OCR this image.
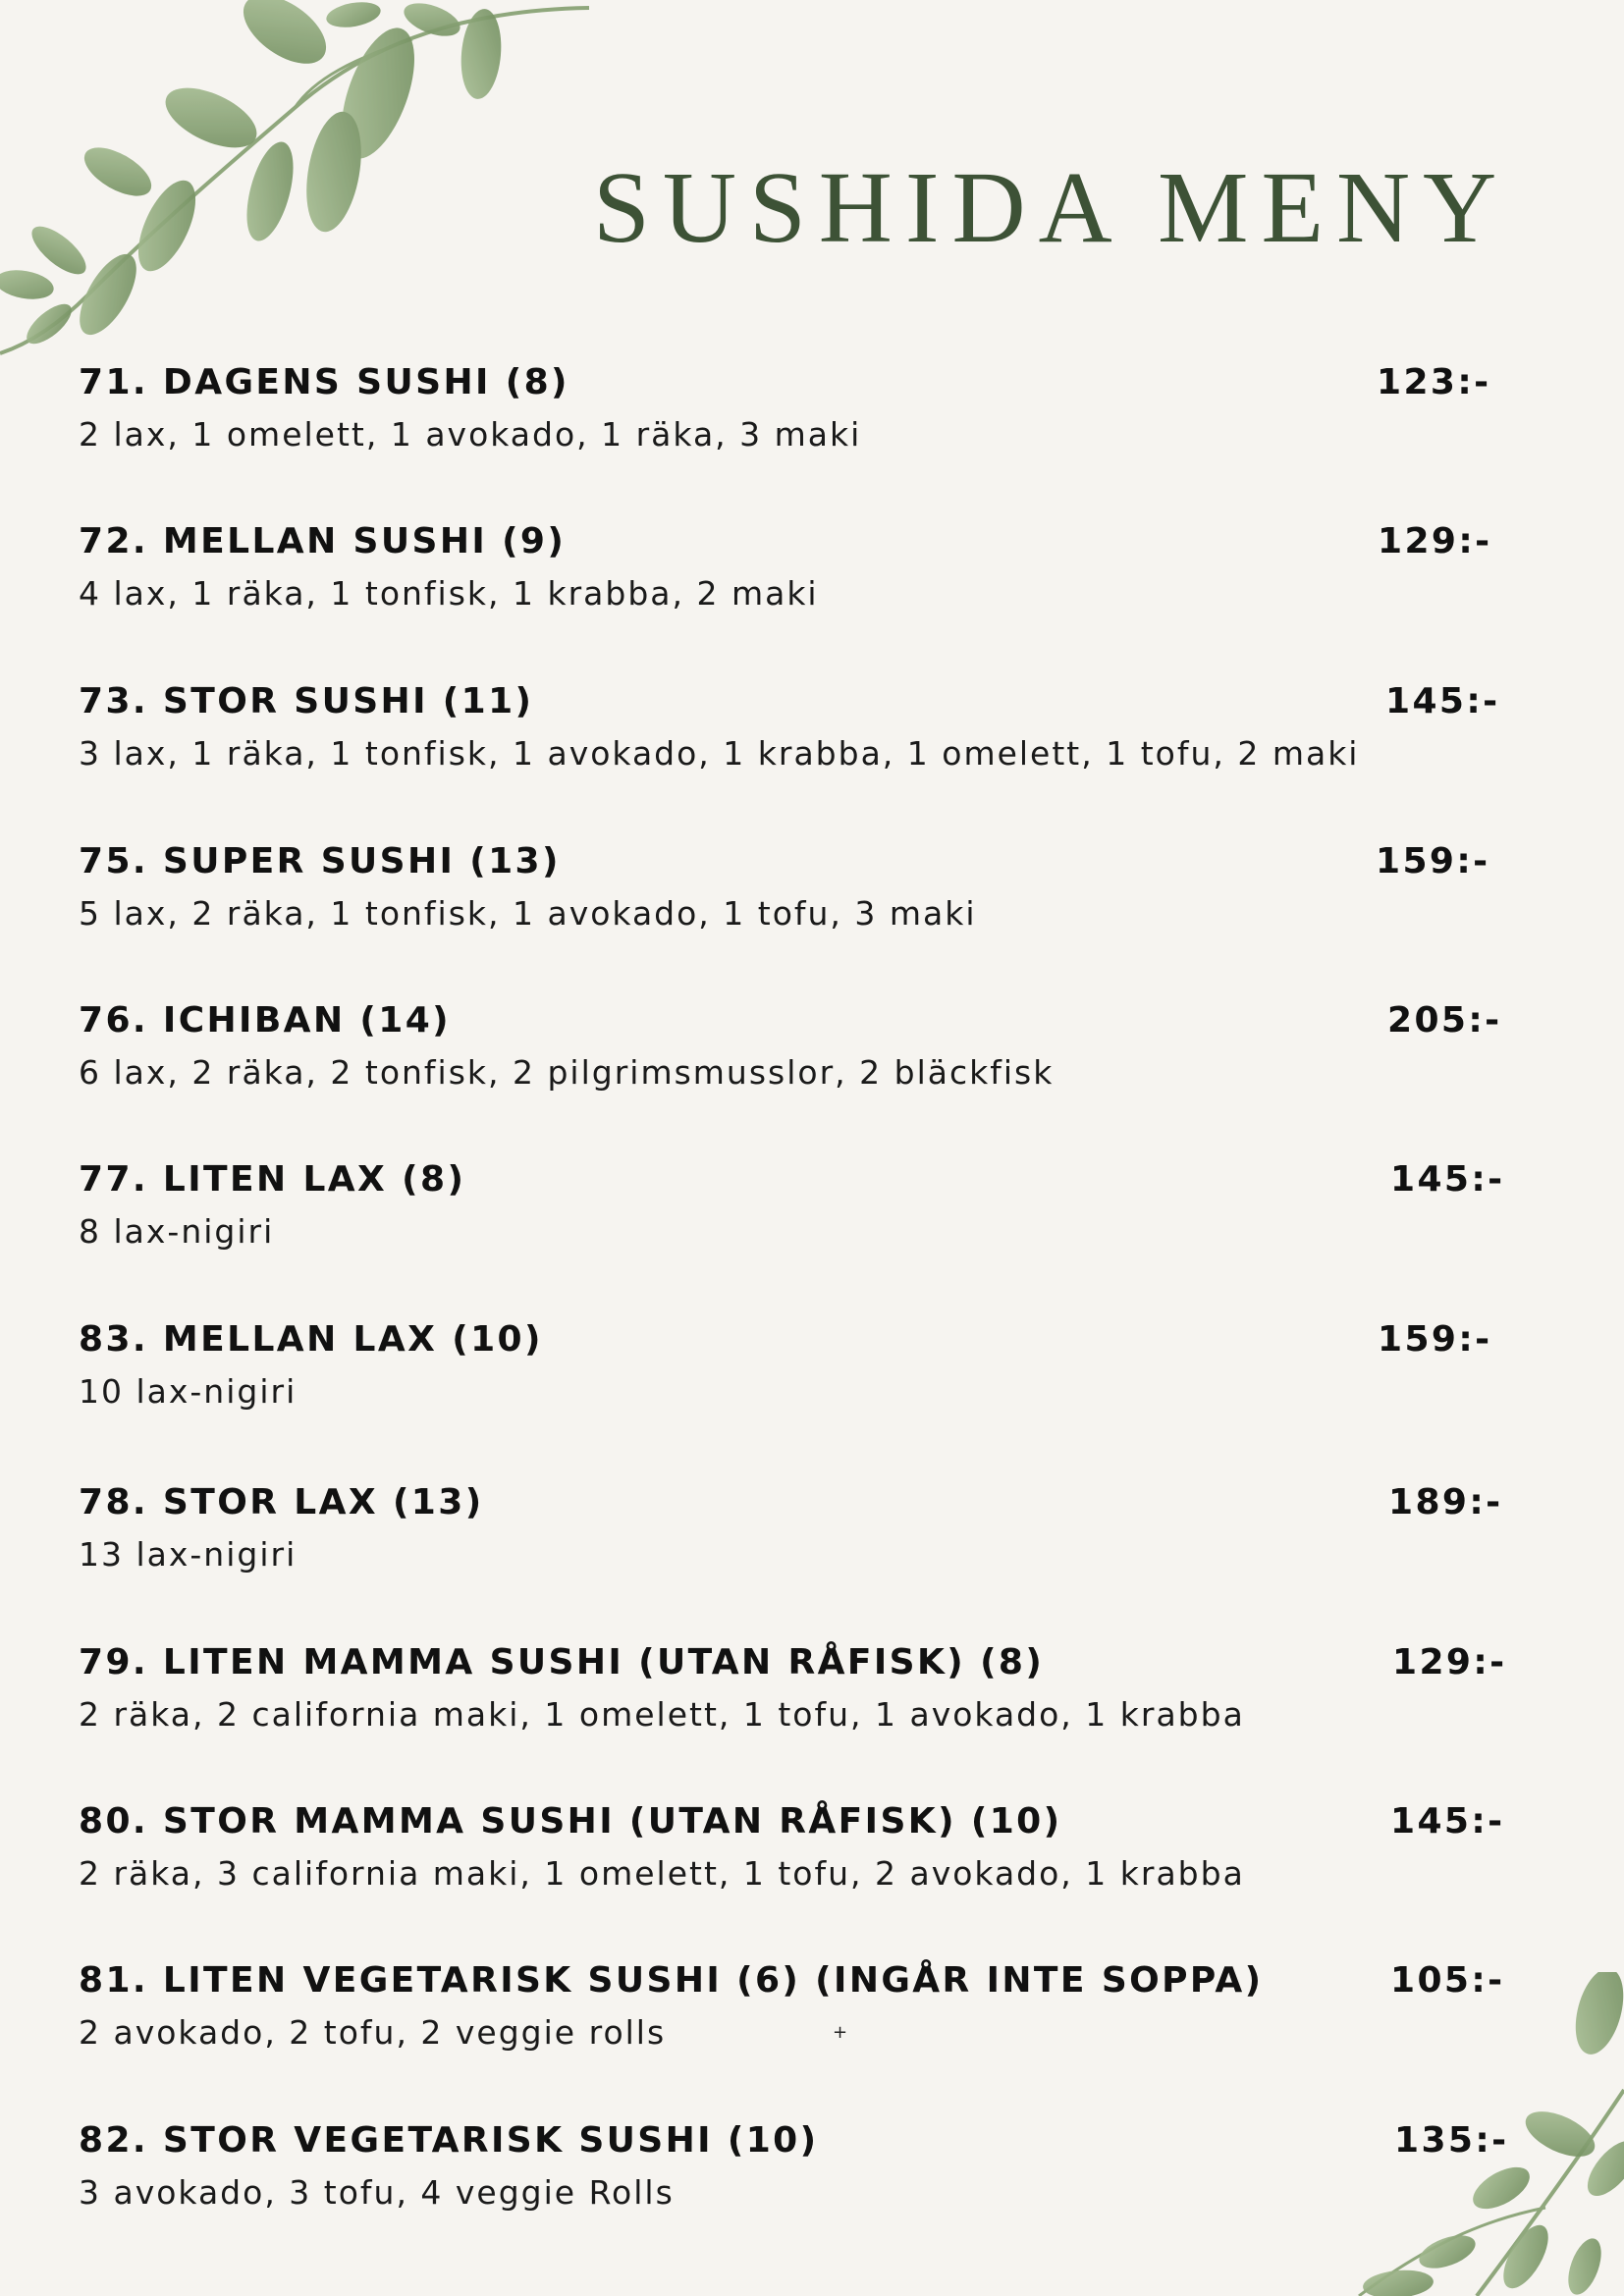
SUSHIDA MENY
71. DAGENS SUSHI (8)	123:-
2 lax, 1 omelett, 1 avokado, 1 räka, 3 maki
72. MELLAN SUSHI (9)	129:-
4 lax, 1 räka, 1 tonfisk, 1 krabba, 2 maki
73. STOR SUSHI (11)	145:-
3 lax, 1 räka, 1 tonfisk, 1 avokado, 1 krabba, 1 omelett, 1 tofu, 2 maki
75. SUPER SUSHI (13)	159:-
5 lax, 2 räka, 1 tonfisk, 1 avokado, 1 tofu, 3 maki
76. ICHIBAN (14)	205:-
6 lax, 2 räka, 2 tonfisk, 2 pilgrimsmusslor, 2 bläckfisk
77. LITEN LAX (8)	145:-
8 lax-nigiri
83. MELLAN LAX (10)	159:-
10 lax-nigiri
78. STOR LAX (13)	189:-
13 lax-nigiri
79. LITEN MAMMA SUSHI (UTAN RÅFISK) (8)	129:-
2 räka, 2 california maki, 1 omelett, 1 tofu, 1 avokado, 1 krabba
80. STOR MAMMA SUSHI (UTAN RÅFISK) (10)	145:-
2 räka, 3 california maki, 1 omelett, 1 tofu, 2 avokado, 1 krabba
81. LITEN VEGETARISK SUSHI (6) (INGÅR INTE SOPPA)	105:-
2 avokado, 2 tofu, 2 veggie rolls
82. STOR VEGETARISK SUSHI (10)	135:-
3 avokado, 3 tofu, 4 veggie Rolls
+
